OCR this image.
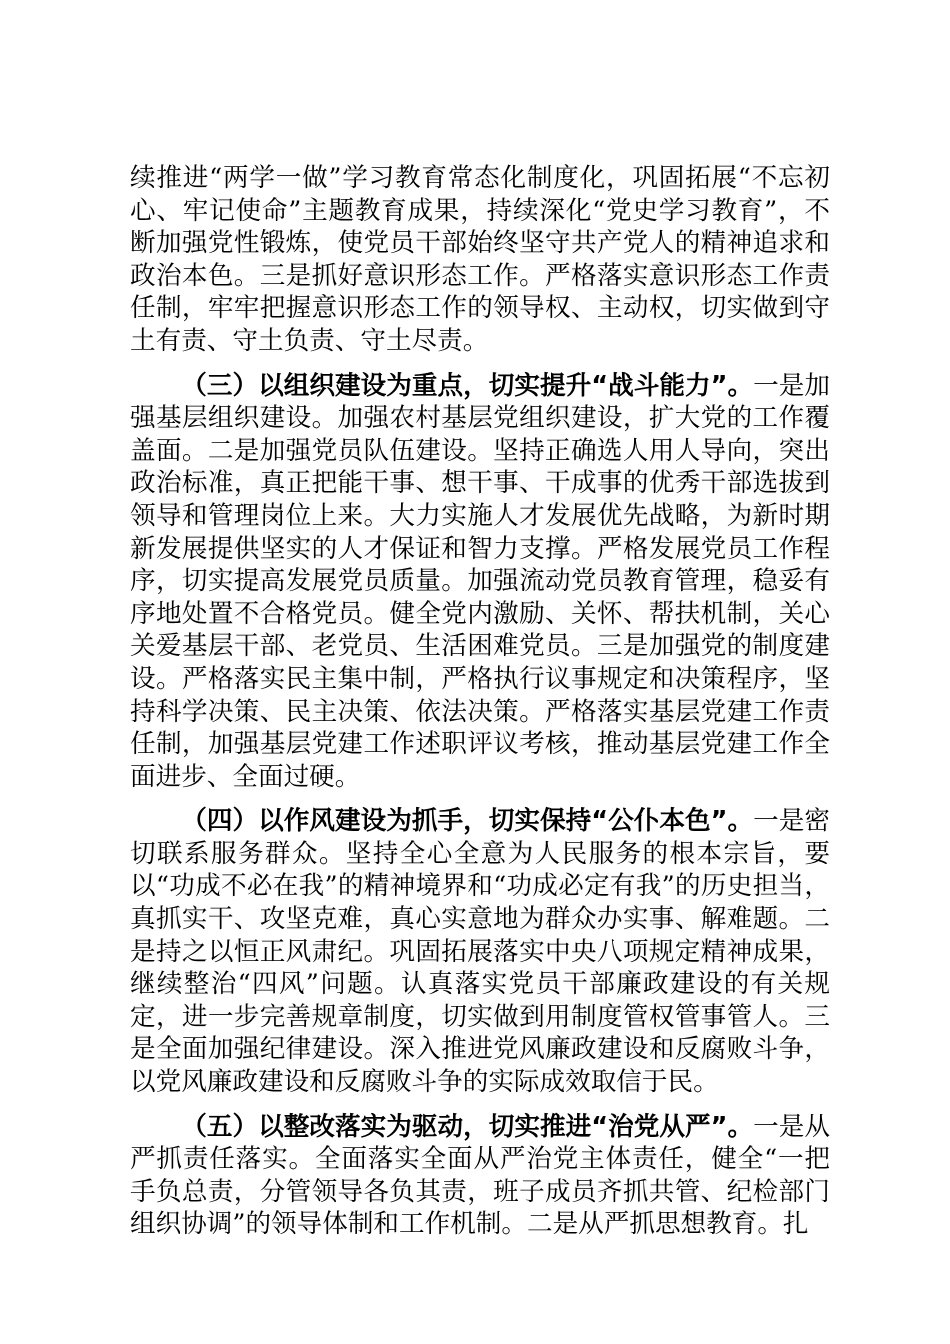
续推进“两学一做”学习教育常态化制度化，巩固拓展“不忘初心、牢记使命”主题教育成果，持续深化“党史学习教育”，不断加强党性锻炼，使党员干部始终坚守共产党人的精神追求和政治本色。三是抓好意识形态工作。严格落实意识形态工作责任制，牢牢把握意识形态工作的领导权、主动权，切实做到守土有责、守土负责、守土尽责。

（三）以组织建设为重点，切实提升“战斗能力”。一是加强基层组织建设。加强农村基层党组织建设，扩大党的工作覆盖面。二是加强党员队伍建设。坚持正确选人用人导向，突出政治标准，真正把能干事、想干事、干成事的优秀干部选拔到领导和管理岗位上来。大力实施人才发展优先战略，为新时期新发展提供坚实的人才保证和智力支撑。严格发展党员工作程序，切实提高发展党员质量。加强流动党员教育管理，稳妥有序地处置不合格党员。健全党内激励、关怀、帮扶机制，关心关爱基层干部、老党员、生活困难党员。三是加强党的制度建设。严格落实民主集中制，严格执行议事规定和决策程序，坚持科学决策、民主决策、依法决策。严格落实基层党建工作责任制，加强基层党建工作述职评议考核，推动基层党建工作全面进步、全面过硬。

（四）以作风建设为抓手，切实保持“公仆本色”。一是密切联系服务群众。坚持全心全意为人民服务的根本宗旨，要以“功成不必在我”的精神境界和“功成必定有我”的历史担当，真抓实干、攻坚克难，真心实意地为群众办实事、解难题。二是持之以恒正风肃纪。巩固拓展落实中央八项规定精神成果，继续整治“四风”问题。认真落实党员干部廉政建设的有关规定，进一步完善规章制度，切实做到用制度管权管事管人。三是全面加强纪律建设。深入推进党风廉政建设和反腐败斗争，以党风廉政建设和反腐败斗争的实际成效取信于民。

（五）以整改落实为驱动，切实推进“治党从严”。一是从严抓责任落实。全面落实全面从严治党主体责任，健全“一把手负总责，分管领导各负其责，班子成员齐抓共管、纪检部门组织协调”的领导体制和工作机制。二是从严抓思想教育。扎
